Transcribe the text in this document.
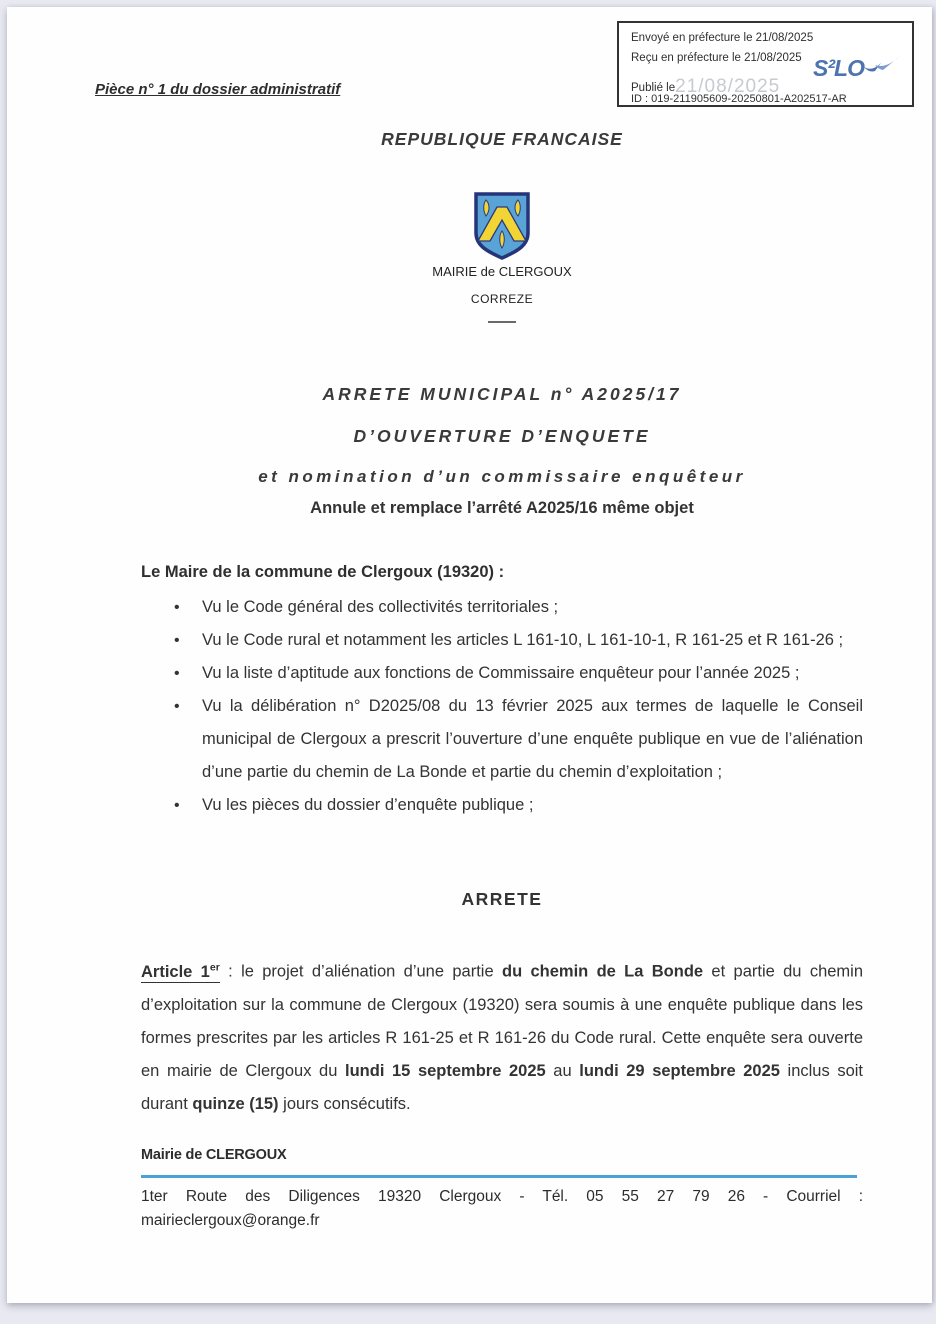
Envoyé en préfecture le 21/08/2025
Reçu en préfecture le 21/08/2025
Publié le21/08/2025
S²LO
ID : 019-211905609-20250801-A202517-AR
Pièce n° 1 du dossier administratif
REPUBLIQUE FRANCAISE
MAIRIE de CLERGOUX
CORREZE
ARRETE MUNICIPAL n° A2025/17
D’OUVERTURE D’ENQUETE
et nomination d’un commissaire enquêteur
Annule et remplace l’arrêté A2025/16 même objet
Le Maire de la commune de Clergoux (19320) :
• Vu le Code général des collectivités territoriales ;
• Vu le Code rural et notamment les articles L 161-10, L 161-10-1, R 161-25 et R 161-26 ;
• Vu la liste d’aptitude aux fonctions de Commissaire enquêteur pour l’année 2025 ;
• Vu la délibération n° D2025/08 du 13 février 2025 aux termes de laquelle le Conseil municipal de Clergoux a prescrit l’ouverture d’une enquête publique en vue de l’aliénation d’une partie du chemin de La Bonde et partie du chemin d’exploitation ;
• Vu les pièces du dossier d’enquête publique ;
ARRETE

Article 1er : le projet d’aliénation d’une partie du chemin de La Bonde et partie du chemin d’exploitation sur la commune de Clergoux (19320) sera soumis à une enquête publique dans les formes prescrites par les articles R 161-25 et R 161-26 du Code rural. Cette enquête sera ouverte en mairie de Clergoux du lundi 15 septembre 2025 au lundi 29 septembre 2025 inclus soit durant quinze (15) jours consécutifs.

Mairie de CLERGOUX
1ter Route des Diligences 19320 Clergoux - Tél. 05 55 27 79 26 - Courriel :
mairieclergoux@orange.fr
